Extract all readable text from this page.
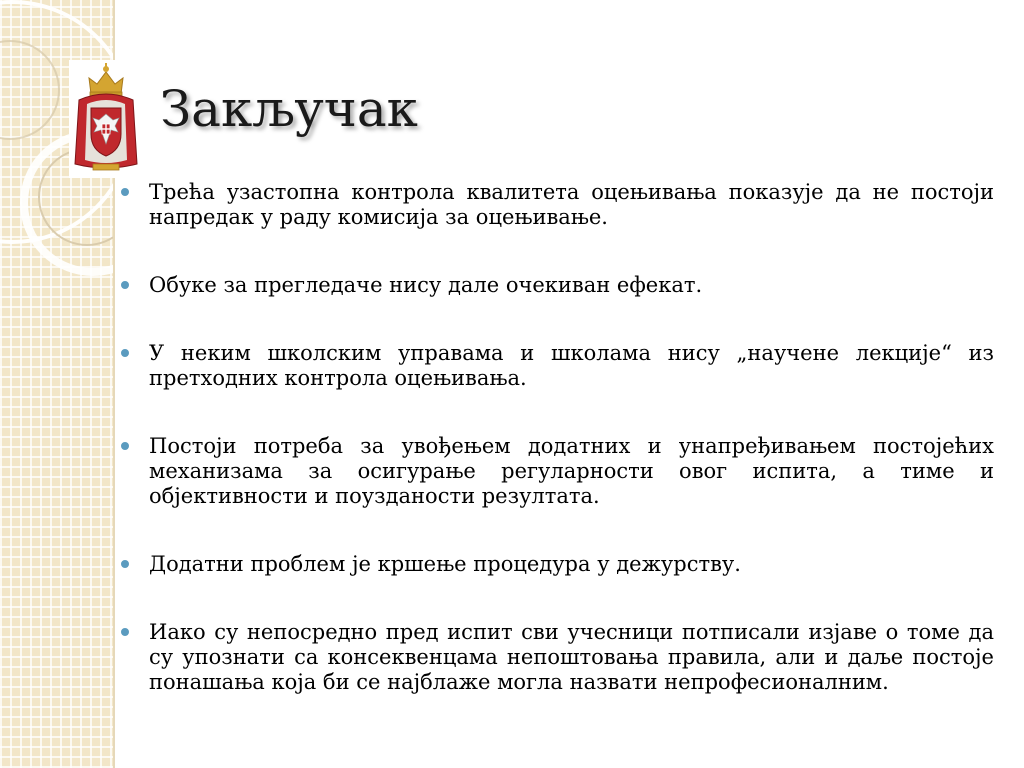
Закључак
Трећа узастопна контрола квалитета оцењивања показује да не постоји напредак у раду комисија за оцењивање.
Обуке за прегледаче нису дале очекиван ефекат.
У неким школским управама и школама нису „научене лекције“ из претходних контрола оцењивања.
Постоји потреба за увођењем додатних и унапређивањем постојећих механизама за осигурање регуларности овог испита, а тиме и објективности и поузданости резултата.
Додатни проблем је кршење процедура у дежурству.
Иако су непосредно пред испит сви учесници потписали изјаве о томе да су упознати са консеквенцама непоштовања правила, али и даље постоје понашања која би се најблаже могла назвати непрофесионалним.
